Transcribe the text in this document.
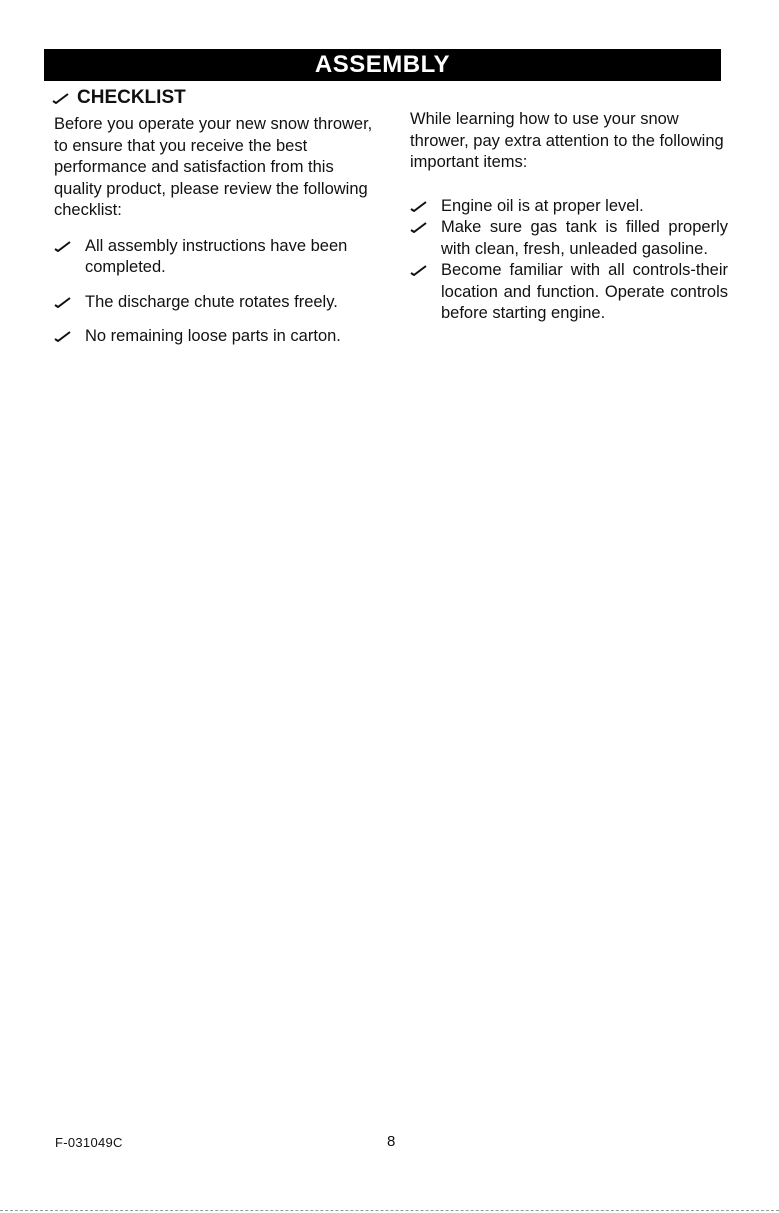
ASSEMBLY
CHECKLIST

Before you operate your new snow thrower, to ensure that you receive the best performance and satisfaction from this quality product, please review the following checklist:

All assembly instructions have been completed.
The discharge chute rotates freely.
No remaining loose parts in carton.

While learning how to use your snow thrower, pay extra attention to the following important items:

Engine oil is at proper level.
Make sure gas tank is filled properly with clean, fresh, unleaded gasoline.
Become familiar with all controls-their location and function. Operate controls before starting engine.
F-031049C	8
